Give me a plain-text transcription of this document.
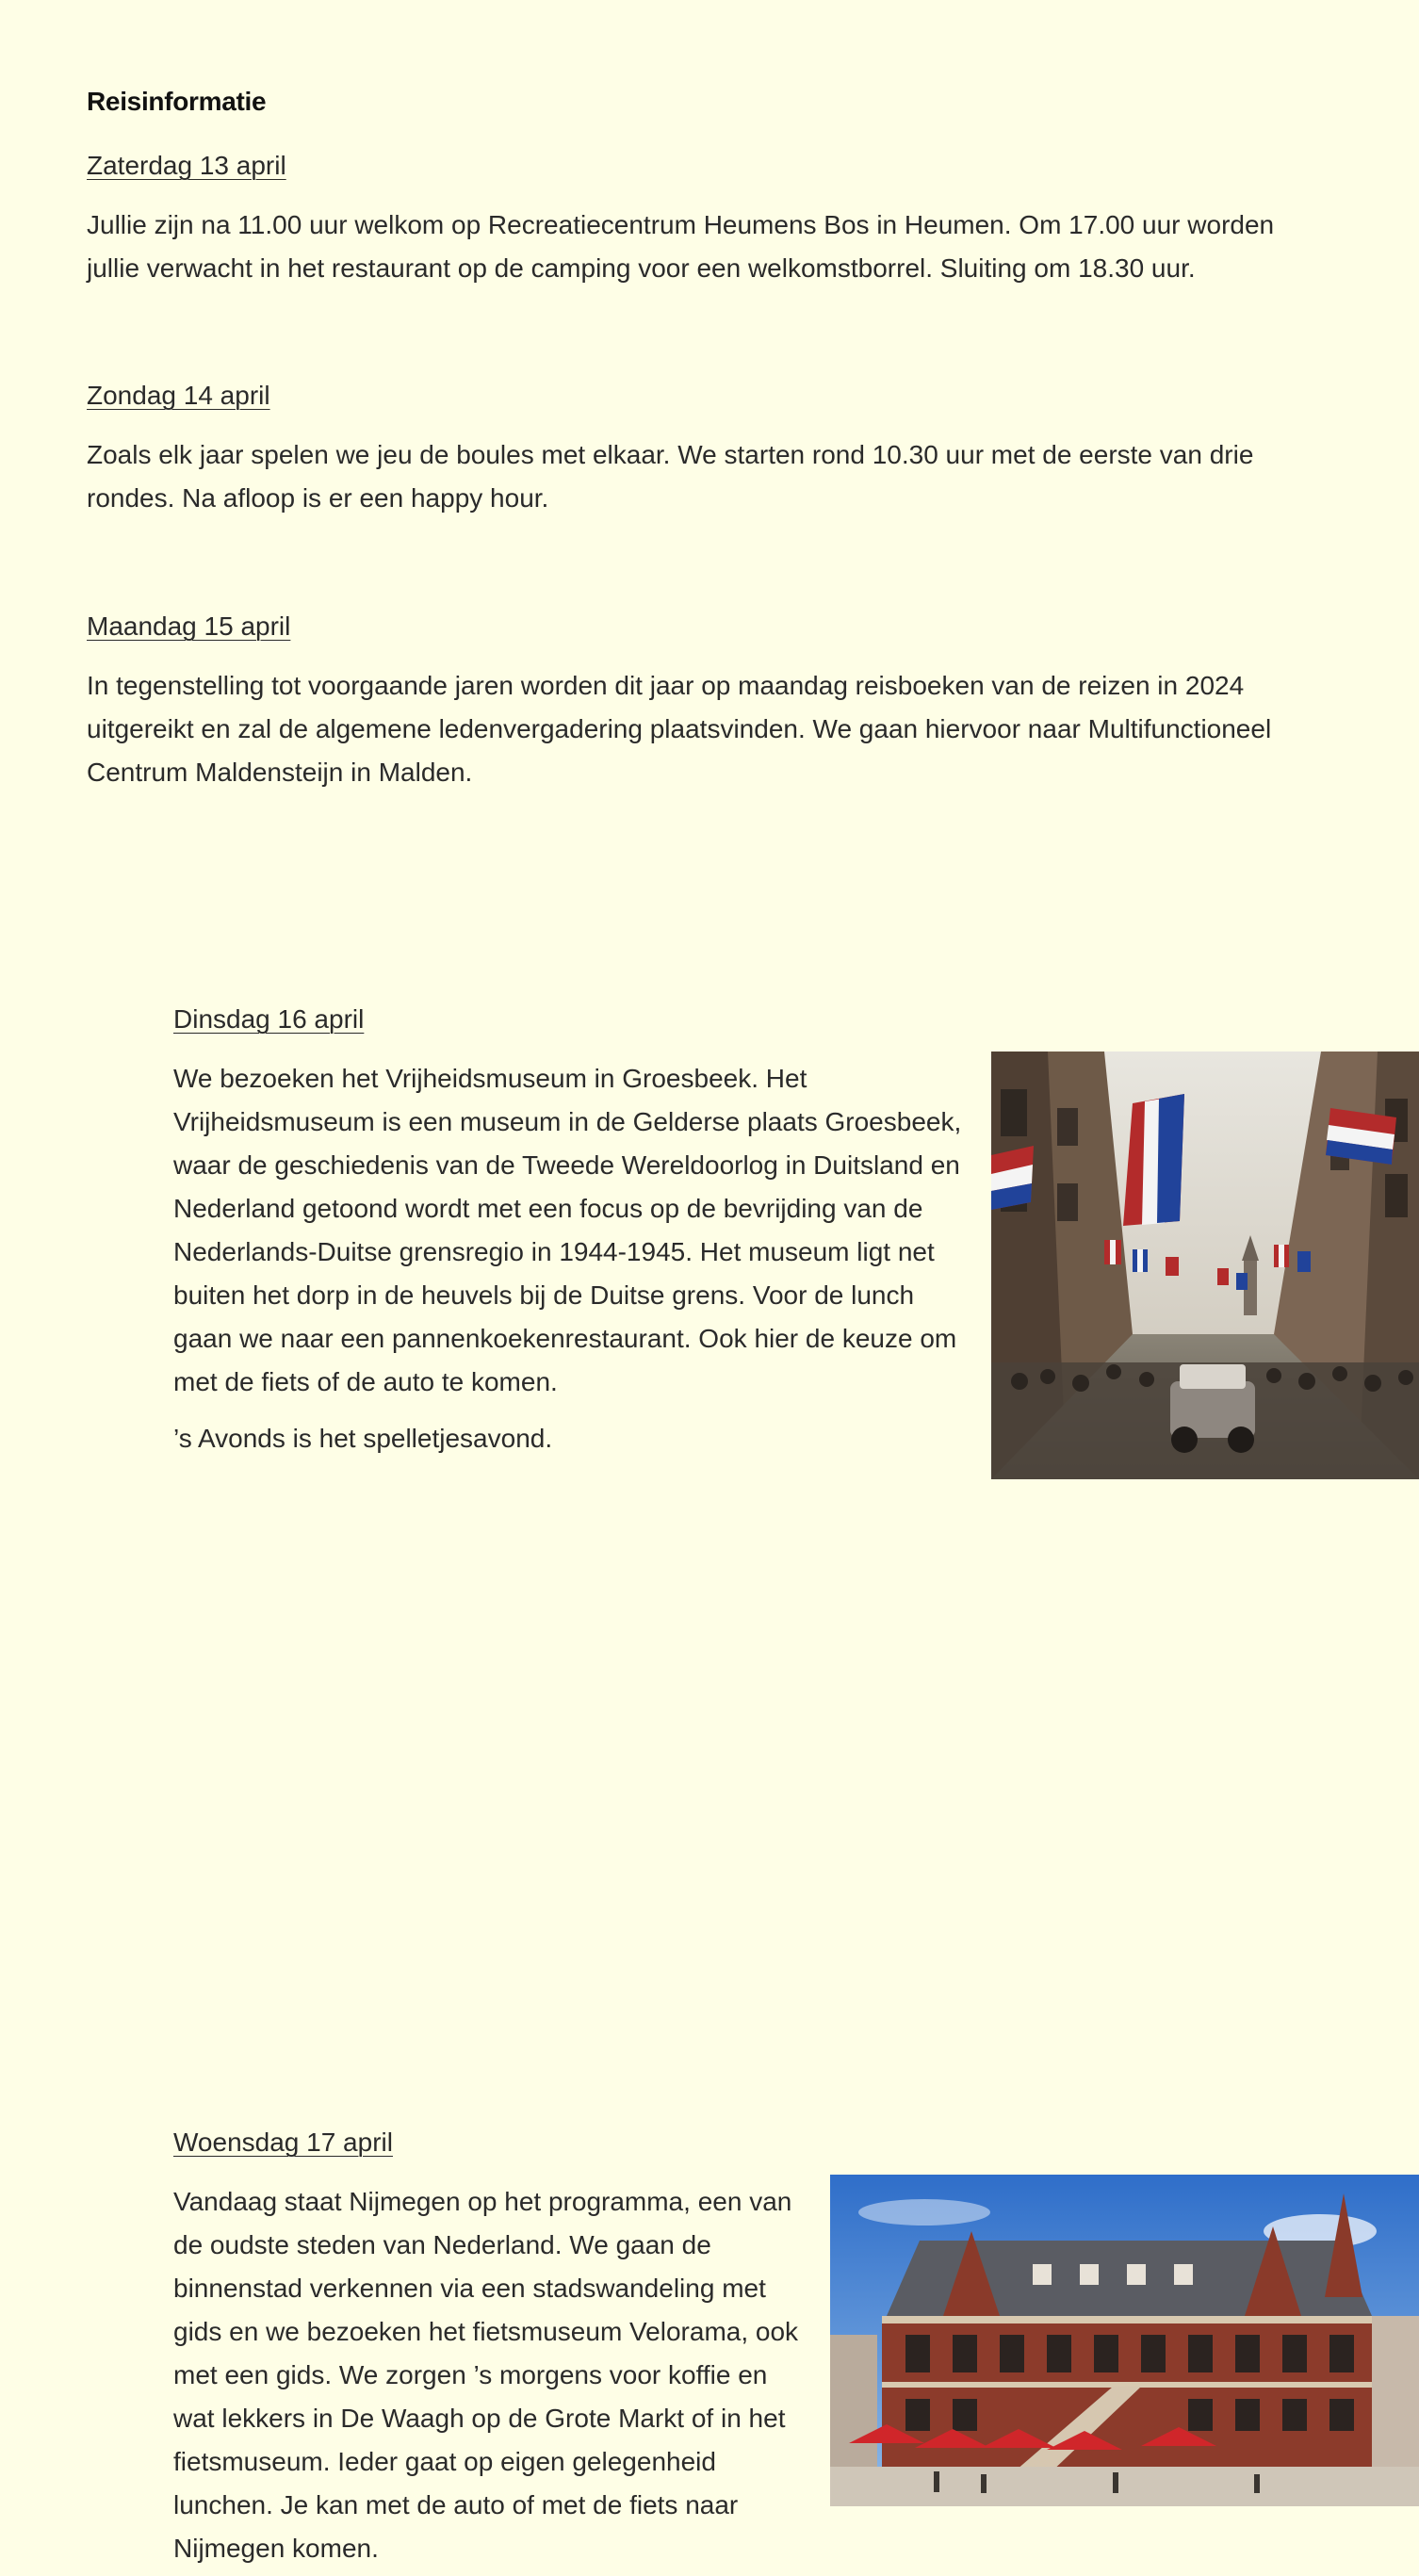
Reisinformatie
Zaterdag 13 april

Jullie zijn na 11.00 uur welkom op Recreatiecentrum Heumens Bos in Heumen. Om 17.00 uur worden jullie verwacht in het restaurant op de camping voor een welkomstborrel. Sluiting om 18.30 uur.

Zondag 14 april

Zoals elk jaar spelen we jeu de boules met elkaar. We starten rond 10.30 uur met de eerste van drie rondes. Na afloop is er een happy hour.

Maandag 15 april

In tegenstelling tot voorgaande jaren worden dit jaar op maandag reisboeken van de reizen in 2024 uitgereikt en zal de algemene ledenvergadering plaatsvinden. We gaan hiervoor naar Multifunctioneel Centrum Maldensteijn in Malden.

Dinsdag 16 april

We bezoeken het Vrijheidsmuseum in Groesbeek. Het Vrijheidsmuseum is een museum in de Gelderse plaats Groesbeek, waar de geschiedenis van de Tweede Wereldoorlog in Duitsland en Nederland getoond wordt met een focus op de bevrijding van de Nederlands-Duitse grensregio in 1944-1945. Het museum ligt net buiten het dorp in de heuvels bij de Duitse grens. Voor de lunch gaan we naar een pannenkoekenrestaurant. Ook hier de keuze om met de fiets of de auto te komen.

’s Avonds is het spelletjesavond.

Woensdag 17 april

Vandaag staat Nijmegen op het programma, een van de oudste steden van Nederland. We gaan de binnenstad verkennen via een stadswandeling met gids en we bezoeken het fietsmuseum Velorama, ook met een gids. We zorgen ’s morgens voor koffie en wat lekkers in De Waagh op de Grote Markt of in het fietsmuseum. Ieder gaat op eigen gelegenheid lunchen. Je kan met de auto of met de fiets naar Nijmegen komen.
